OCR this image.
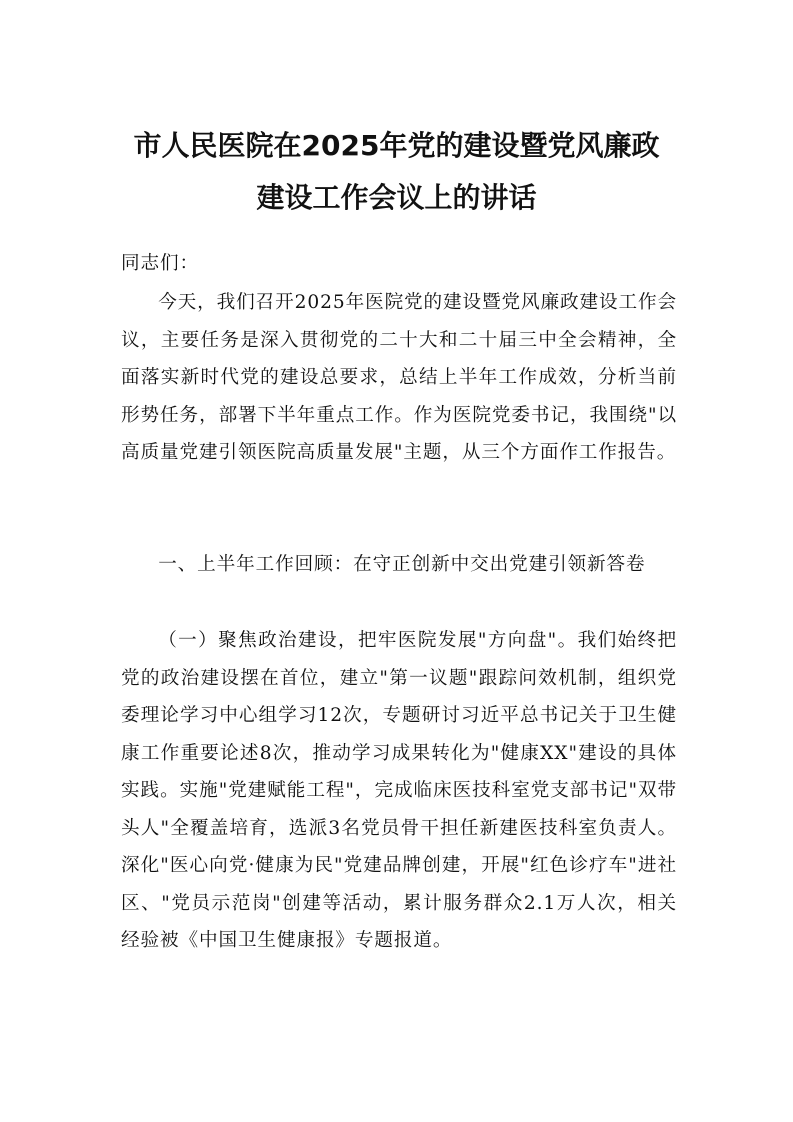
市人民医院在2025年党的建设暨党风廉政
建设工作会议上的讲话

同志们：

今天，我们召开2025年医院党的建设暨党风廉政建设工作会议，主要任务是深入贯彻党的二十大和二十届三中全会精神，全面落实新时代党的建设总要求，总结上半年工作成效，分析当前形势任务，部署下半年重点工作。作为医院党委书记，我围绕"以高质量党建引领医院高质量发展"主题，从三个方面作工作报告。

一、上半年工作回顾：在守正创新中交出党建引领新答卷

（一）聚焦政治建设，把牢医院发展"方向盘"。我们始终把党的政治建设摆在首位，建立"第一议题"跟踪问效机制，组织党委理论学习中心组学习12次，专题研讨习近平总书记关于卫生健康工作重要论述8次，推动学习成果转化为"健康XX"建设的具体实践。实施"党建赋能工程"，完成临床医技科室党支部书记"双带头人"全覆盖培育，选派3名党员骨干担任新建医技科室负责人。深化"医心向党·健康为民"党建品牌创建，开展"红色诊疗车"进社区、"党员示范岗"创建等活动，累计服务群众2.1万人次，相关经验被《中国卫生健康报》专题报道。
